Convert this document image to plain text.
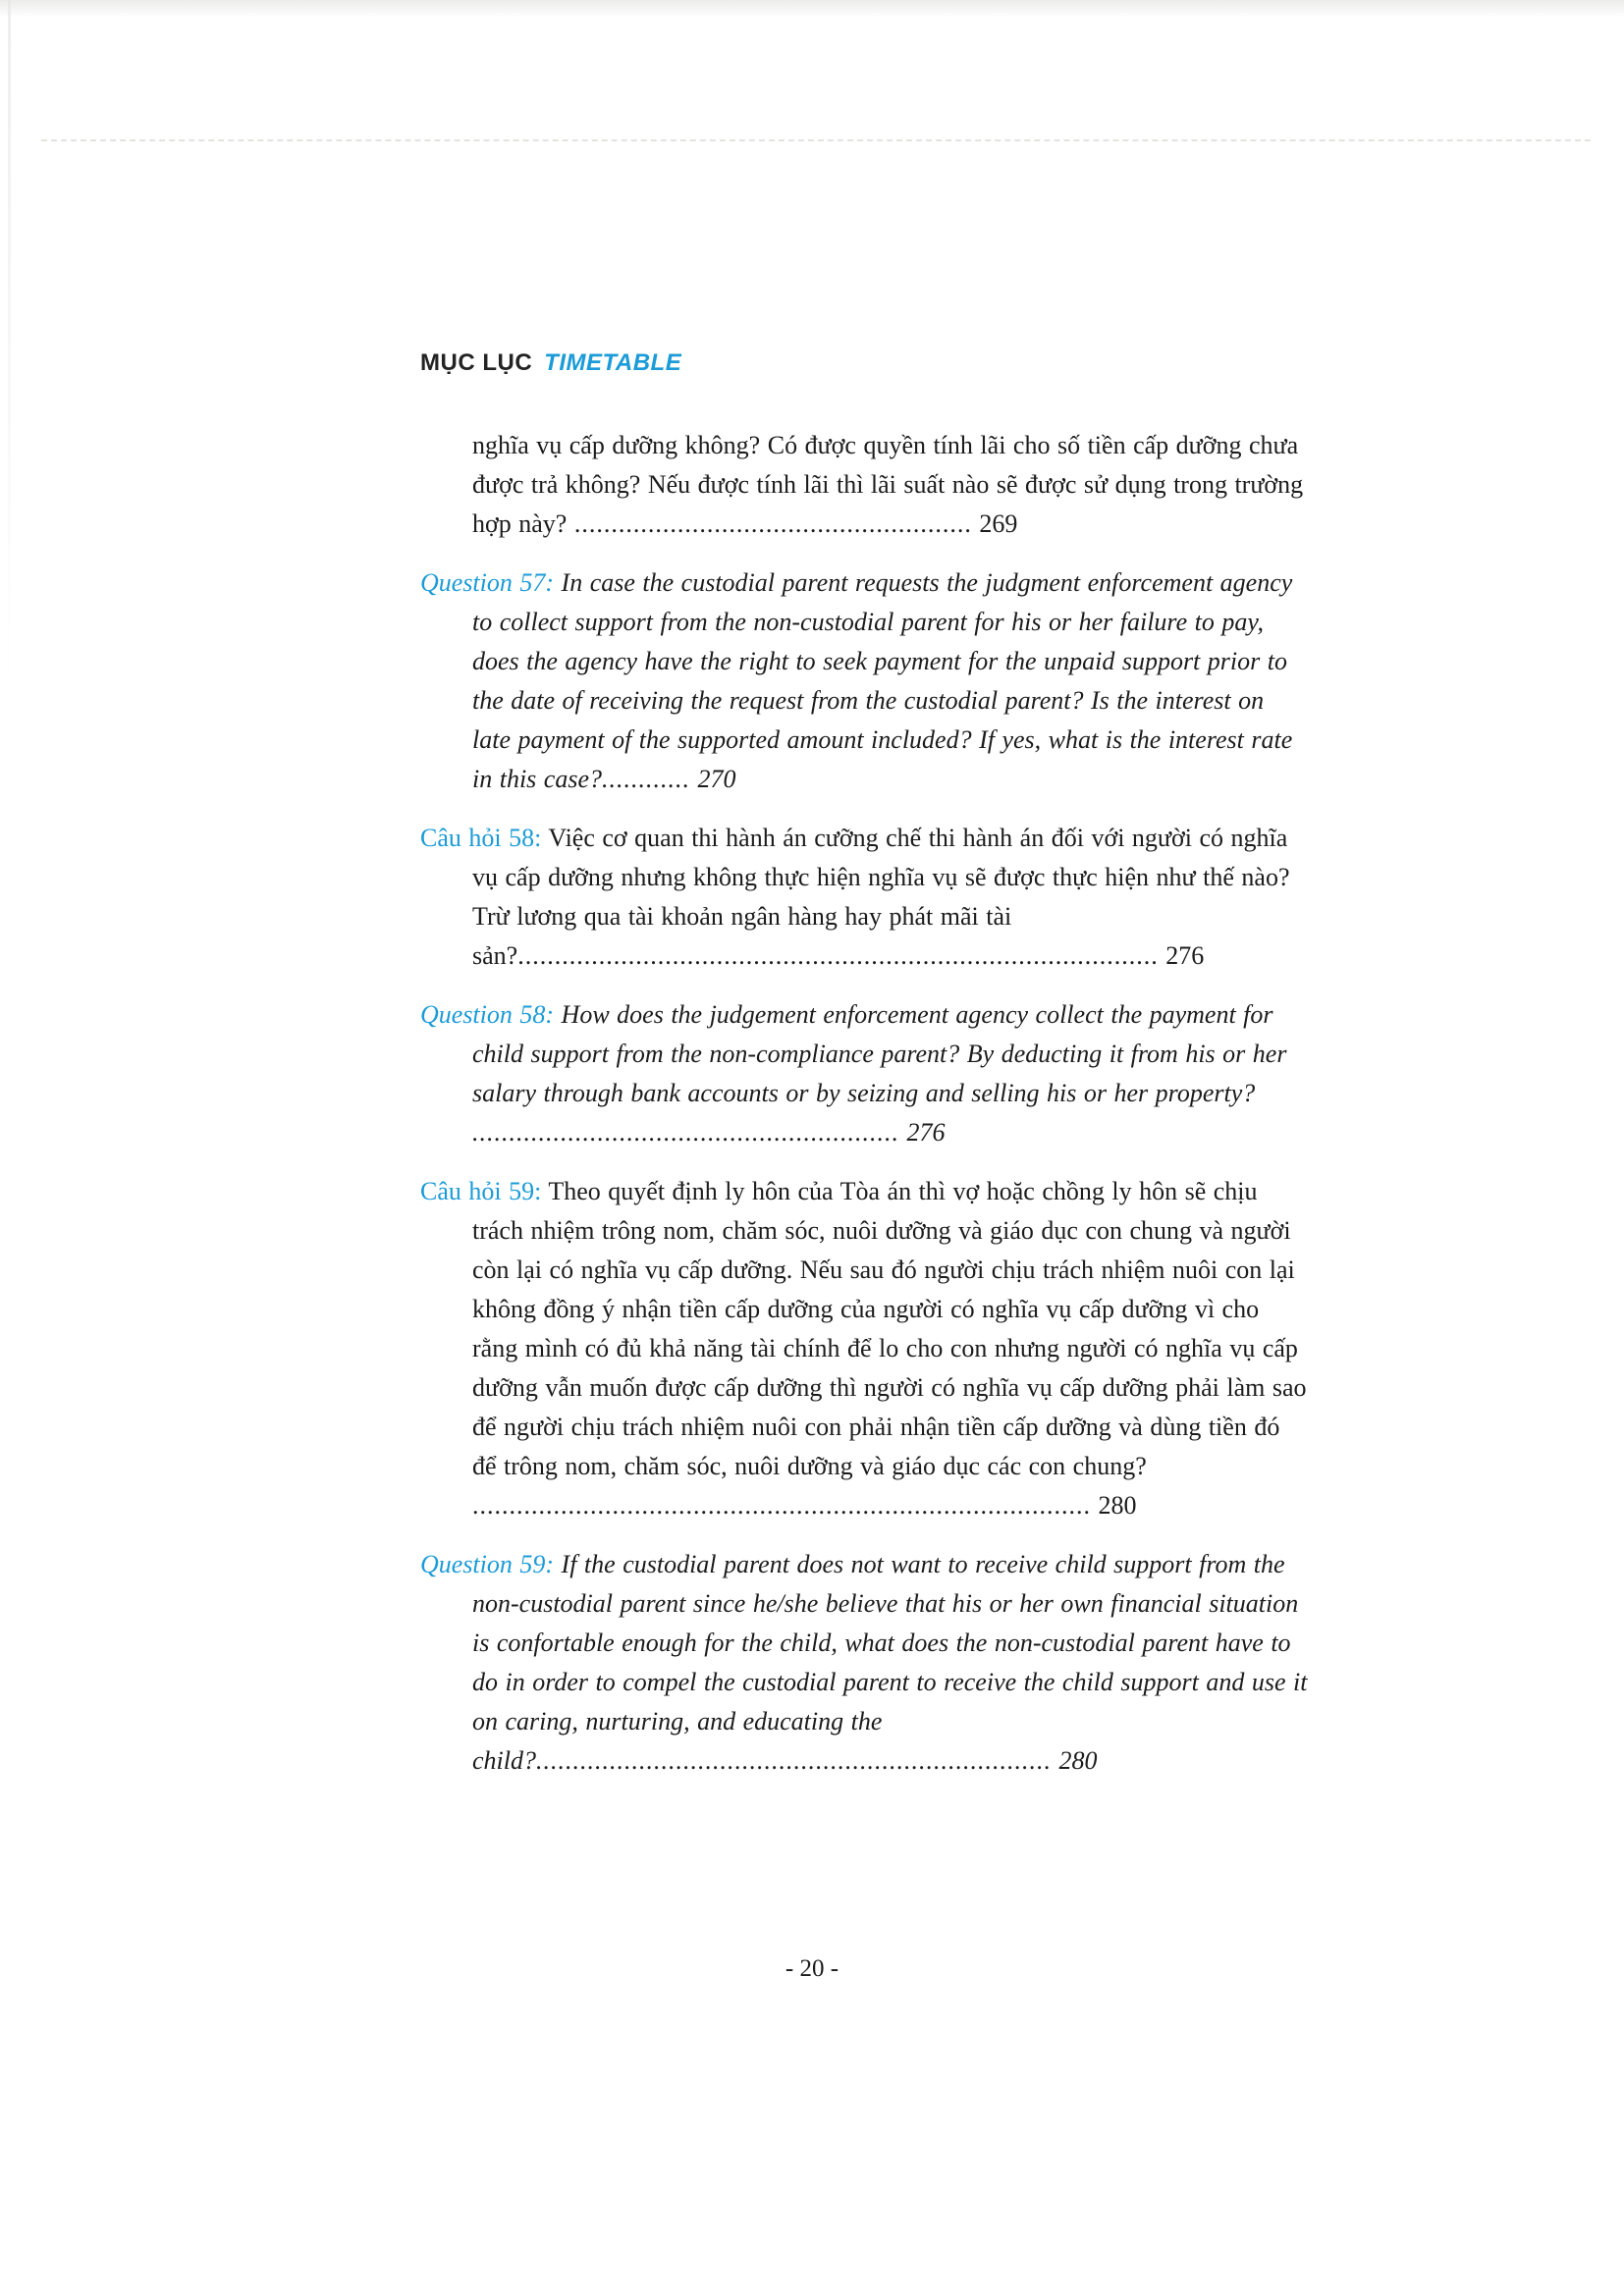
MỤC LỤC TIMETABLE

nghĩa vụ cấp dưỡng không? Có được quyền tính lãi cho số tiền cấp dưỡng chưa được trả không? Nếu được tính lãi thì lãi suất nào sẽ được sử dụng trong trường hợp này? ...................................................... 269

Question 57: In case the custodial parent requests the judgment enforcement agency to collect support from the non-custodial parent for his or her failure to pay, does the agency have the right to seek payment for the unpaid support prior to the date of receiving the request from the custodial parent? Is the interest on late payment of the supported amount included? If yes, what is the interest rate in this case?............ 270

Câu hỏi 58: Việc cơ quan thi hành án cưỡng chế thi hành án đối với người có nghĩa vụ cấp dưỡng nhưng không thực hiện nghĩa vụ sẽ được thực hiện như thế nào? Trừ lương qua tài khoản ngân hàng hay phát mãi tài sản?....................................................................................... 276

Question 58: How does the judgement enforcement agency collect the payment for child support from the non-compliance parent? By deducting it from his or her salary through bank accounts or by seizing and selling his or her property? .......................................................... 276

Câu hỏi 59: Theo quyết định ly hôn của Tòa án thì vợ hoặc chồng ly hôn sẽ chịu trách nhiệm trông nom, chăm sóc, nuôi dưỡng và giáo dục con chung và người còn lại có nghĩa vụ cấp dưỡng. Nếu sau đó người chịu trách nhiệm nuôi con lại không đồng ý nhận tiền cấp dưỡng của người có nghĩa vụ cấp dưỡng vì cho rằng mình có đủ khả năng tài chính để lo cho con nhưng người có nghĩa vụ cấp dưỡng vẫn muốn được cấp dưỡng thì người có nghĩa vụ cấp dưỡng phải làm sao để người chịu trách nhiệm nuôi con phải nhận tiền cấp dưỡng và dùng tiền đó để trông nom, chăm sóc, nuôi dưỡng và giáo dục các con chung? .................................................................................... 280

Question 59: If the custodial parent does not want to receive child support from the non-custodial parent since he/she believe that his or her own financial situation is confortable enough for the child, what does the non-custodial parent have to do in order to compel the custodial parent to receive the child support and use it on caring, nurturing, and educating the child?...................................................................... 280

- 20 -
